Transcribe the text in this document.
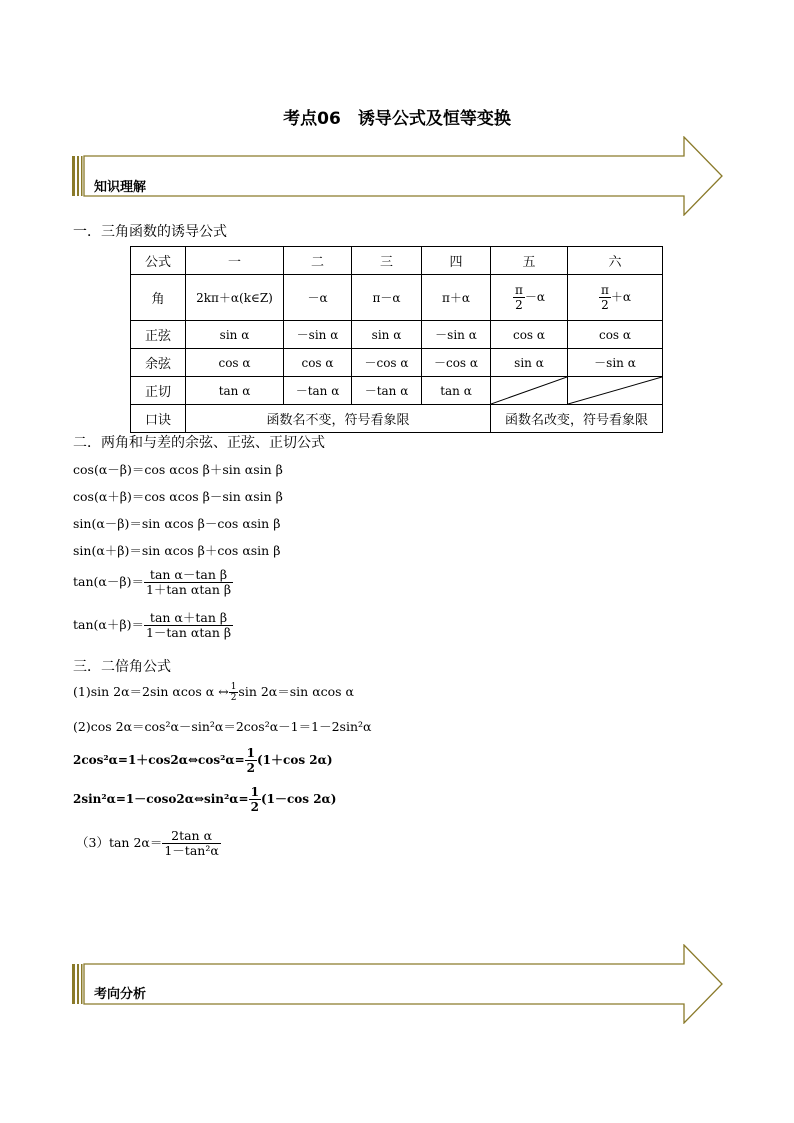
考点06　诱导公式及恒等变换
知识理解
一．三角函数的诱导公式
公式	一	二	三	四	五	六
角	2kπ＋α(k∈Z)	－α	π－α	π＋α	$\frac{\pi}{2} -\alpha$	$\frac{\pi}{2} +\alpha$
正弦	sin α	－sin α	sin α	－sin α	cos α	cos α
余弦	cos α	cos α	－cos α	－cos α	sin α	－sin α
正切	tan α	－tan α	－tan α	tan α	

口诀	函数名不变，符号看象限				函数名改变，符号看象限	
二．两角和与差的余弦、正弦、正切公式
cos(α－β)＝cos αcos β＋sin αsin β
cos(α＋β)＝cos αcos β－sin αsin β
sin(α－β)＝sin αcos β－cos αsin β
sin(α＋β)＝sin αcos β＋cos αsin β
$\tan(\alpha-\beta)= \frac{\text{tan α－tan β}}{\text{1＋tan αtan β}}$
$\tan(\alpha+\beta)= \frac{\text{tan α＋tan β}}{\text{1－tan αtan β}}$
三．二倍角公式
(1)sin 2α＝2sin αcos α ↔ $\frac{1}{2}$ sin 2α＝sin αcos α
(2)cos 2α＝cos²α－sin²α＝2cos²α－1＝1－2sin²α
2cos²α=1＋cos2α⇔cos²α= $\frac{1}{2} (1+\cos$ 2α)
2sin²α=1－coso2α⇔sin²α= $\frac{1}{2} (1-\cos$ 2α)
（3）tan $2\alpha= \frac{\text{2tan α}}{\text{1－tan²α}}$
考向分析
